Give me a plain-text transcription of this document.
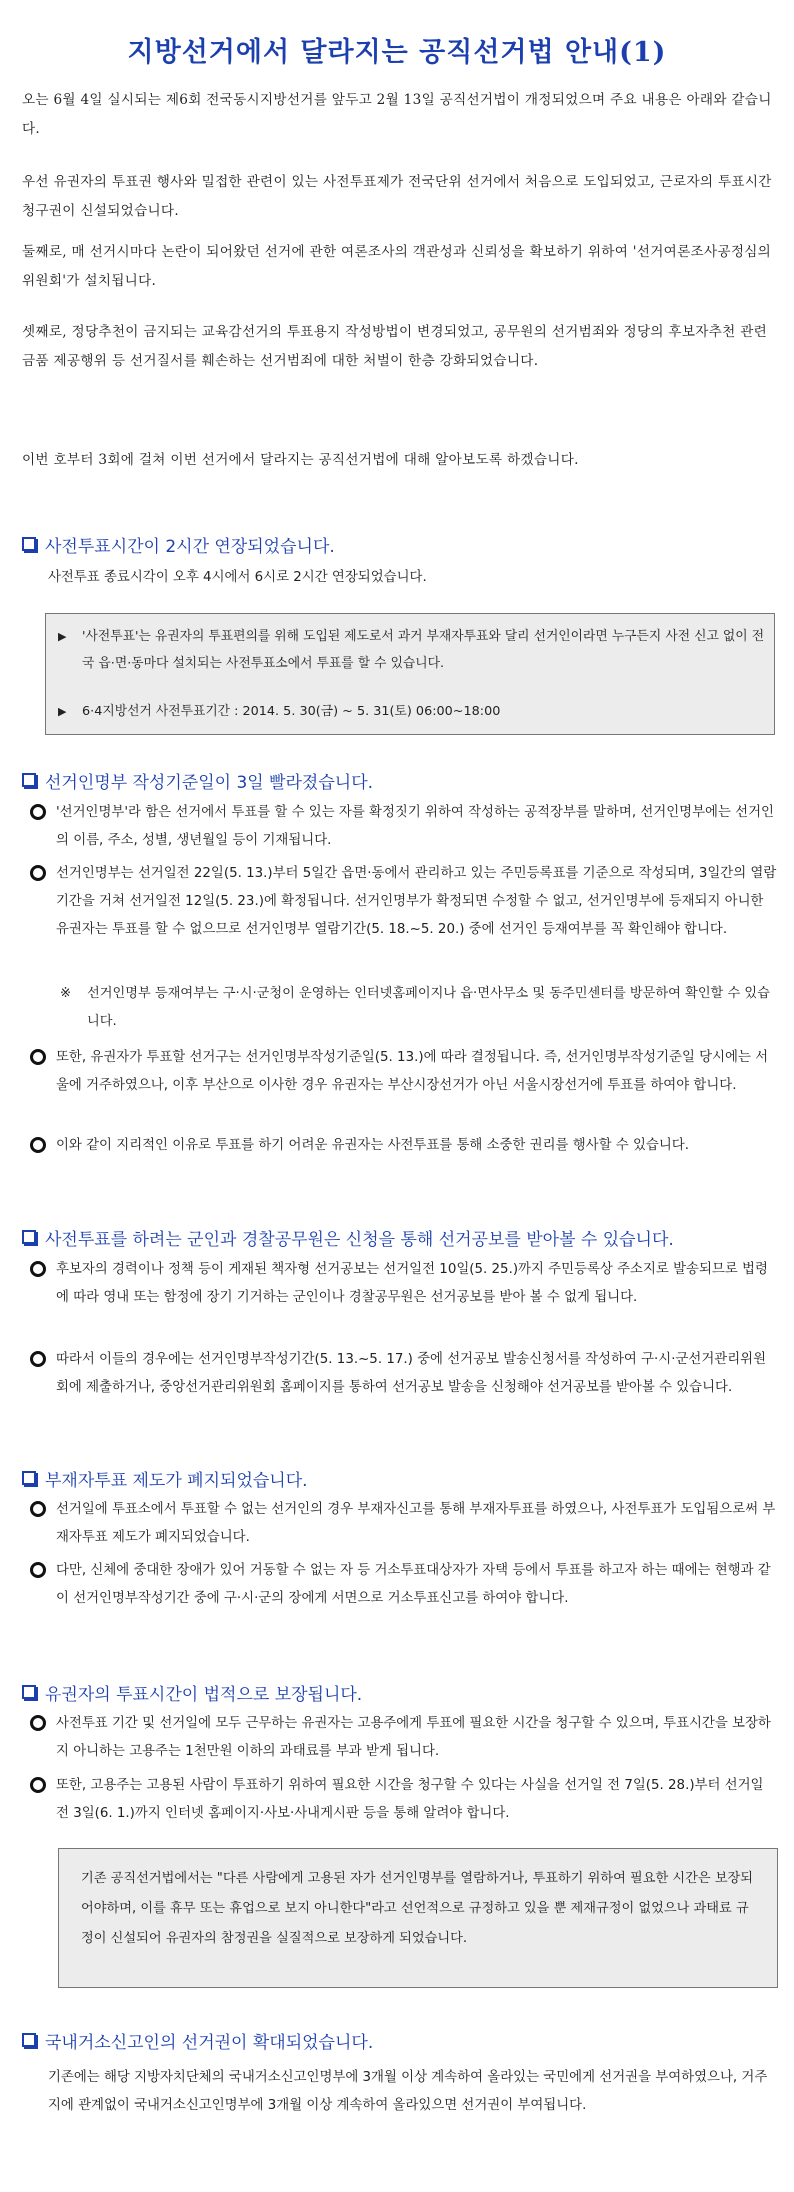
지방선거에서 달라지는 공직선거법 안내(1)

오는 6월 4일 실시되는 제6회 전국동시지방선거를 앞두고 2월 13일 공직선거법이 개정되었으며 주요 내용은 아래와 같습니다.

우선 유권자의 투표권 행사와 밀접한 관련이 있는 사전투표제가 전국단위 선거에서 처음으로 도입되었고, 근로자의 투표시간 청구권이 신설되었습니다.

둘째로, 매 선거시마다 논란이 되어왔던 선거에 관한 여론조사의 객관성과 신뢰성을 확보하기 위하여 '선거여론조사공정심의위원회'가 설치됩니다.

셋째로, 정당추천이 금지되는 교육감선거의 투표용지 작성방법이 변경되었고, 공무원의 선거범죄와 정당의 후보자추천 관련 금품 제공행위 등 선거질서를 훼손하는 선거범죄에 대한 처벌이 한층 강화되었습니다.

이번 호부터 3회에 걸쳐 이번 선거에서 달라지는 공직선거법에 대해 알아보도록 하겠습니다.

사전투표시간이 2시간 연장되었습니다.

사전투표 종료시각이 오후 4시에서 6시로 2시간 연장되었습니다.

▶ '사전투표'는 유권자의 투표편의를 위해 도입된 제도로서 과거 부재자투표와 달리 선거인이라면 누구든지 사전 신고 없이 전국 읍·면·동마다 설치되는 사전투표소에서 투표를 할 수 있습니다.
▶ 6·4지방선거 사전투표기간 : 2014. 5. 30(금) ~ 5. 31(토) 06:00~18:00
선거인명부 작성기준일이 3일 빨라졌습니다.
'선거인명부'라 함은 선거에서 투표를 할 수 있는 자를 확정짓기 위하여 작성하는 공적장부를 말하며, 선거인명부에는 선거인의 이름, 주소, 성별, 생년월일 등이 기재됩니다.
선거인명부는 선거일전 22일(5. 13.)부터 5일간 읍면·동에서 관리하고 있는 주민등록표를 기준으로 작성되며, 3일간의 열람기간을 거쳐 선거일전 12일(5. 23.)에 확정됩니다. 선거인명부가 확정되면 수정할 수 없고, 선거인명부에 등재되지 아니한 유권자는 투표를 할 수 없으므로 선거인명부 열람기간(5. 18.~5. 20.) 중에 선거인 등재여부를 꼭 확인해야 합니다.
※ 선거인명부 등재여부는 구·시·군청이 운영하는 인터넷홈페이지나 읍·면사무소 및 동주민센터를 방문하여 확인할 수 있습니다.
또한, 유권자가 투표할 선거구는 선거인명부작성기준일(5. 13.)에 따라 결정됩니다. 즉, 선거인명부작성기준일 당시에는 서울에 거주하였으나, 이후 부산으로 이사한 경우 유권자는 부산시장선거가 아닌 서울시장선거에 투표를 하여야 합니다.
이와 같이 지리적인 이유로 투표를 하기 어려운 유권자는 사전투표를 통해 소중한 권리를 행사할 수 있습니다.
사전투표를 하려는 군인과 경찰공무원은 신청을 통해 선거공보를 받아볼 수 있습니다.
후보자의 경력이나 정책 등이 게재된 책자형 선거공보는 선거일전 10일(5. 25.)까지 주민등록상 주소지로 발송되므로 법령에 따라 영내 또는 함정에 장기 기거하는 군인이나 경찰공무원은 선거공보를 받아 볼 수 없게 됩니다.
따라서 이들의 경우에는 선거인명부작성기간(5. 13.~5. 17.) 중에 선거공보 발송신청서를 작성하여 구·시·군선거관리위원회에 제출하거나, 중앙선거관리위원회 홈페이지를 통하여 선거공보 발송을 신청해야 선거공보를 받아볼 수 있습니다.
부재자투표 제도가 폐지되었습니다.
선거일에 투표소에서 투표할 수 없는 선거인의 경우 부재자신고를 통해 부재자투표를 하였으나, 사전투표가 도입됨으로써 부재자투표 제도가 폐지되었습니다.
다만, 신체에 중대한 장애가 있어 거동할 수 없는 자 등 거소투표대상자가 자택 등에서 투표를 하고자 하는 때에는 현행과 같이 선거인명부작성기간 중에 구·시·군의 장에게 서면으로 거소투표신고를 하여야 합니다.
유권자의 투표시간이 법적으로 보장됩니다.
사전투표 기간 및 선거일에 모두 근무하는 유권자는 고용주에게 투표에 필요한 시간을 청구할 수 있으며, 투표시간을 보장하지 아니하는 고용주는 1천만원 이하의 과태료를 부과 받게 됩니다.
또한, 고용주는 고용된 사람이 투표하기 위하여 필요한 시간을 청구할 수 있다는 사실을 선거일 전 7일(5. 28.)부터 선거일 전 3일(6. 1.)까지 인터넷 홈페이지·사보·사내게시판 등을 통해 알려야 합니다.
기존 공직선거법에서는 "다른 사람에게 고용된 자가 선거인명부를 열람하거나, 투표하기 위하여 필요한 시간은 보장되어야하며, 이를 휴무 또는 휴업으로 보지 아니한다"라고 선언적으로 규정하고 있을 뿐 제재규정이 없었으나 과태료 규정이 신설되어 유권자의 참정권을 실질적으로 보장하게 되었습니다.
국내거소신고인의 선거권이 확대되었습니다.

기존에는 해당 지방자치단체의 국내거소신고인명부에 3개월 이상 계속하여 올라있는 국민에게 선거권을 부여하였으나, 거주지에 관계없이 국내거소신고인명부에 3개월 이상 계속하여 올라있으면 선거권이 부여됩니다.
